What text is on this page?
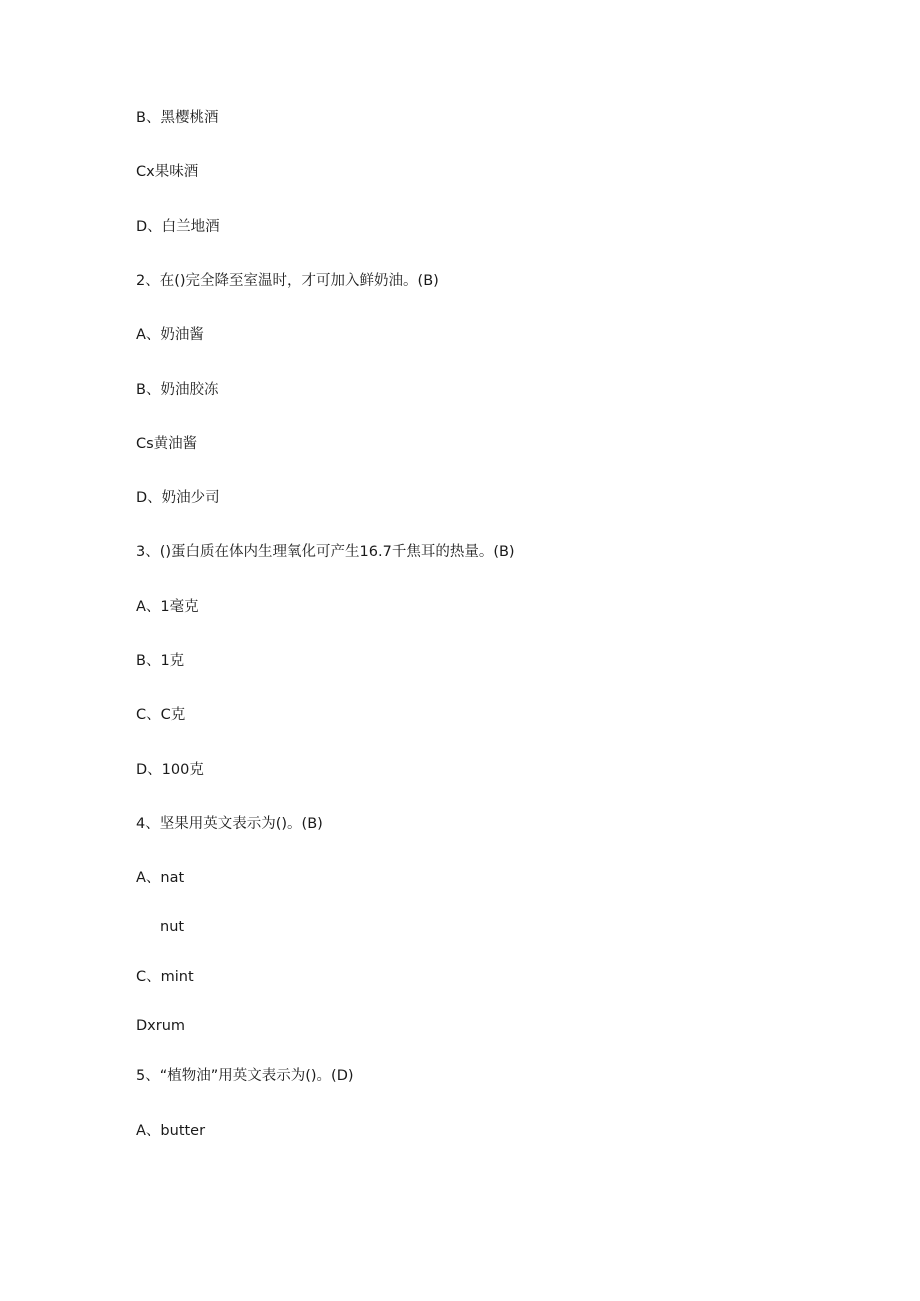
B、黑樱桃酒
Cx果味酒
D、白兰地酒
2、在()完全降至室温时，才可加入鲜奶油。(B)
A、奶油酱
B、奶油胶冻
Cs黄油酱
D、奶油少司
3、()蛋白质在体内生理氧化可产生16.7千焦耳的热量。(B)
A、1毫克
B、1克
C、C克
D、100克
4、坚果用英文表示为()。(B)
A、nat
nut
C、mint
Dxrum
5、“植物油”用英文表示为()。(D)
A、butter
